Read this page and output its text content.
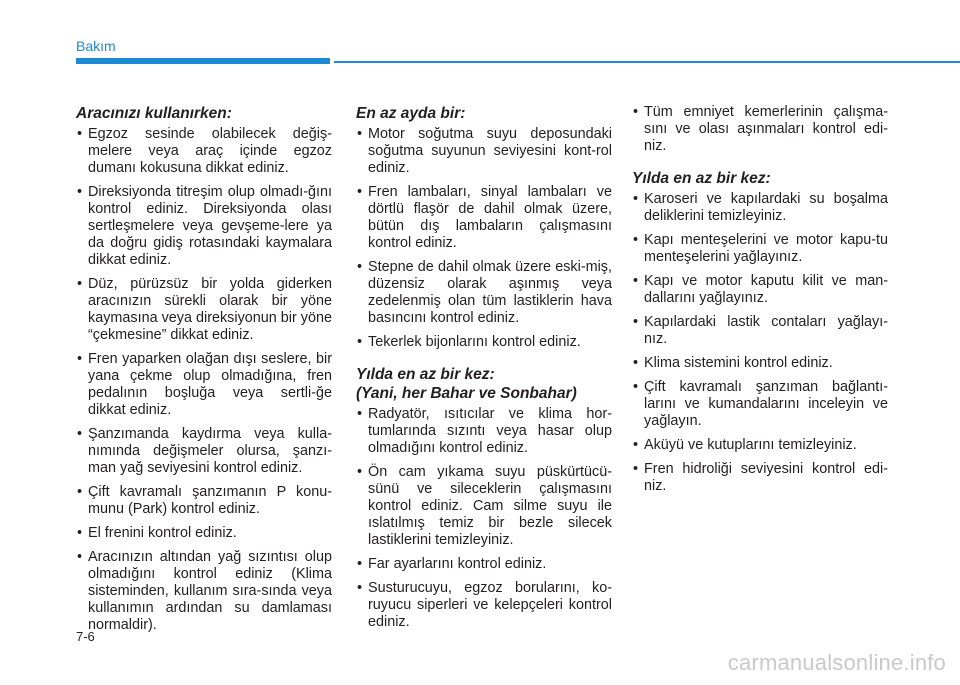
Bakım
Aracınızı kullanırken:
• Egzoz sesinde olabilecek değiş-melere veya araç içinde egzoz dumanı kokusuna dikkat ediniz.
• Direksiyonda titreşim olup olmadı-ğını kontrol ediniz. Direksiyonda olası sertleşmelere veya gevşeme-lere ya da doğru gidiş rotasındaki kaymalara dikkat ediniz.
• Düz, pürüzsüz bir yolda giderken aracınızın sürekli olarak bir yöne kaymasına veya direksiyonun bir yöne “çekmesine” dikkat ediniz.
• Fren yaparken olağan dışı seslere, bir yana çekme olup olmadığına, fren pedalının boşluğa veya sertli-ğe dikkat ediniz.
• Şanzımanda kaydırma veya kulla-nımında değişmeler olursa, şanzı-man yağ seviyesini kontrol ediniz.
• Çift kavramalı şanzımanın P konu-munu (Park) kontrol ediniz.
• El frenini kontrol ediniz.
• Aracınızın altından yağ sızıntısı olup olmadığını kontrol ediniz (Klima sisteminden, kullanım sıra-sında veya kullanımın ardından su damlaması normaldir).
En az ayda bir:
• Motor soğutma suyu deposundaki soğutma suyunun seviyesini kont-rol ediniz.
• Fren lambaları, sinyal lambaları ve dörtlü flaşör de dahil olmak üzere, bütün dış lambaların çalışmasını kontrol ediniz.
• Stepne de dahil olmak üzere eski-miş, düzensiz olarak aşınmış veya zedelenmiş olan tüm lastiklerin hava basıncını kontrol ediniz.
• Tekerlek bijonlarını kontrol ediniz.
Yılda en az bir kez:
(Yani, her Bahar ve Sonbahar)
• Radyatör, ısıtıcılar ve klima hor-tumlarında sızıntı veya hasar olup olmadığını kontrol ediniz.
• Ön cam yıkama suyu püskürtücü-sünü ve sileceklerin çalışmasını kontrol ediniz. Cam silme suyu ile ıslatılmış temiz bir bezle silecek lastiklerini temizleyiniz.
• Far ayarlarını kontrol ediniz.
• Susturucuyu, egzoz borularını, ko-ruyucu siperleri ve kelepçeleri kontrol ediniz.
• Tüm emniyet kemerlerinin çalışma-sını ve olası aşınmaları kontrol edi-niz.
Yılda en az bir kez:
• Karoseri ve kapılardaki su boşalma deliklerini temizleyiniz.
• Kapı menteşelerini ve motor kapu-tu menteşelerini yağlayınız.
• Kapı ve motor kaputu kilit ve man-dallarını yağlayınız.
• Kapılardaki lastik contaları yağlayı-nız.
• Klima sistemini kontrol ediniz.
• Çift kavramalı şanzıman bağlantı-larını ve kumandalarını inceleyin ve yağlayın.
• Aküyü ve kutuplarını temizleyiniz.
• Fren hidroliği seviyesini kontrol edi-niz.
7-6
carmanualsonline.info
